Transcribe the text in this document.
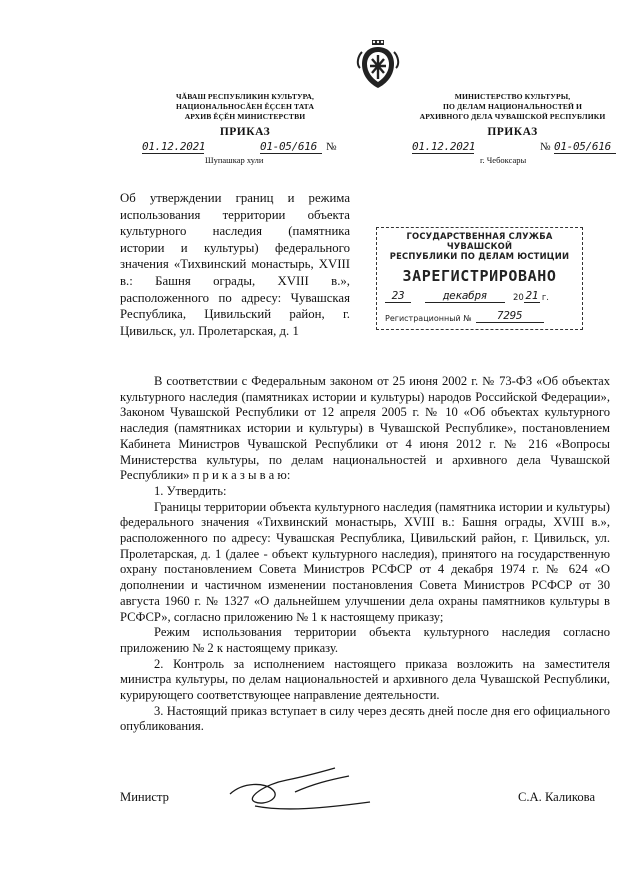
ЧĂВАШ РЕСПУБЛИКИН КУЛЬТУРА,
НАЦИОНАЛЬНОСĂЕН ĔÇСЕН ТАТА
АРХИВ ĔÇĔН МИНИСТЕРСТВИ
ПРИКАЗ
01.12.2021	01-05/616 №
Шупашкар хули
МИНИСТЕРСТВО КУЛЬТУРЫ,
ПО ДЕЛАМ НАЦИОНАЛЬНОСТЕЙ И
АРХИВНОГО ДЕЛА ЧУВАШСКОЙ РЕСПУБЛИКИ
ПРИКАЗ
01.12.2021	№ 01-05/616
г. Чебоксары
Об утверждении границ и режима использования территории объекта культурного наследия (памятника истории и культуры) федерального значения «Тихвинский монастырь, XVIII в.: Башня ограды, XVIII в.», расположенного по адресу: Чувашская Республика, Цивильский район, г. Цивильск, ул. Пролетарская, д. 1
ГОСУДАРСТВЕННАЯ СЛУЖБА ЧУВАШСКОЙ
РЕСПУБЛИКИ ПО ДЕЛАМ ЮСТИЦИИ
ЗАРЕГИСТРИРОВАНО
23	декабря	20 21 г.
Регистрационный №	7295

В соответствии с Федеральным законом от 25 июня 2002 г. № 73-ФЗ «Об объектах культурного наследия (памятниках истории и культуры) народов Российской Федерации», Законом Чувашской Республики от 12 апреля 2005 г. № 10 «Об объектах культурного наследия (памятниках истории и культуры) в Чувашской Республике», постановлением Кабинета Министров Чувашской Республики от 4 июня 2012 г. № 216 «Вопросы Министерства культуры, по делам национальностей и архивного дела Чувашской Республики» п р и к а з ы в а ю:

1. Утвердить:

Границы территории объекта культурного наследия (памятника истории и культуры) федерального значения «Тихвинский монастырь, XVIII в.: Башня ограды, XVIII в.», расположенного по адресу: Чувашская Республика, Цивильский район, г. Цивильск, ул. Пролетарская, д. 1 (далее - объект культурного наследия), принятого на государственную охрану постановлением Совета Министров РСФСР от 4 декабря 1974 г. № 624 «О дополнении и частичном изменении постановления Совета Министров РСФСР от 30 августа 1960 г. № 1327 «О дальнейшем улучшении дела охраны памятников культуры в РСФСР», согласно приложению № 1 к настоящему приказу;

Режим использования территории объекта культурного наследия согласно приложению № 2 к настоящему приказу.

2. Контроль за исполнением настоящего приказа возложить на заместителя министра культуры, по делам национальностей и архивного дела Чувашской Республики, курирующего соответствующее направление деятельности.

3. Настоящий приказ вступает в силу через десять дней после дня его официального опубликования.

Министр	С.А. Каликова
